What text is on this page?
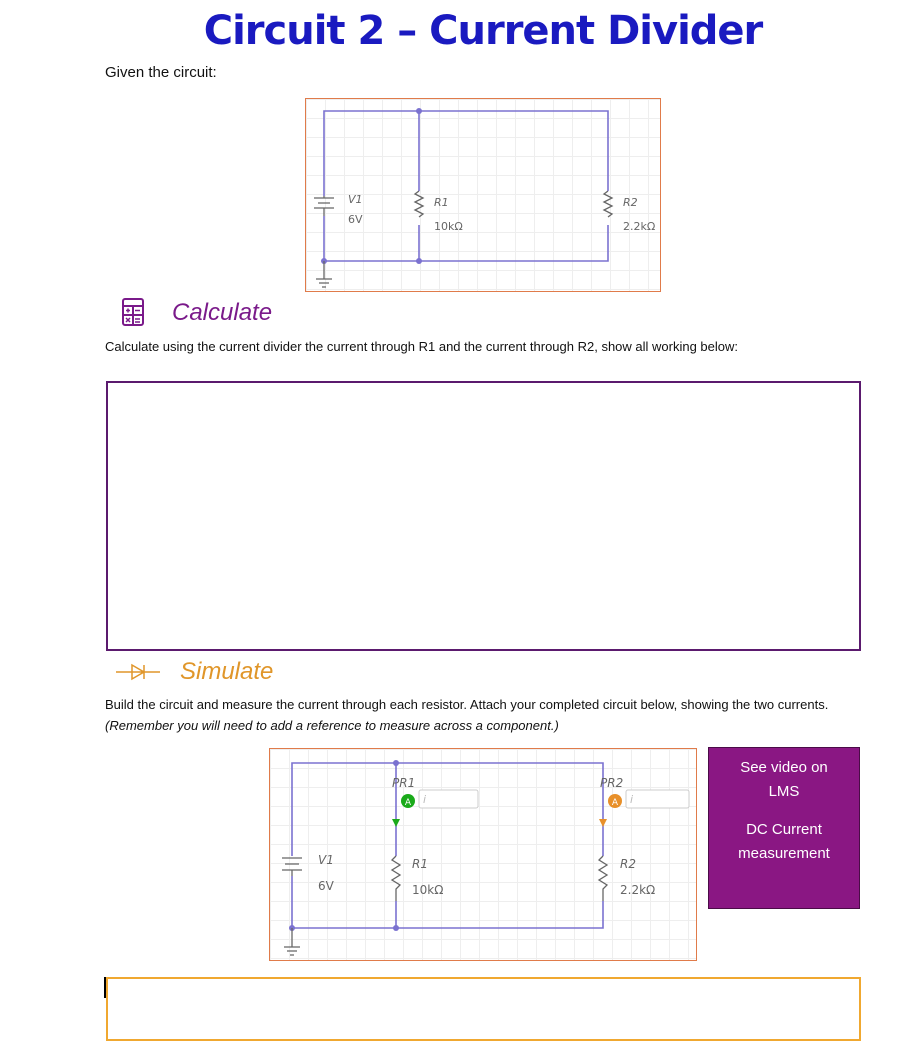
Circuit 2 – Current Divider
Given the circuit:
V1
6V
R1
10kΩ
R2
2.2kΩ
Calculate
Calculate using the current divider the current through R1 and the current through R2, show all working below:
Simulate
Build the circuit and measure the current through each resistor. Attach your completed circuit below, showing the two currents. (Remember you will need to add a reference to measure across a component.)
A i	A i
PR1	PR2
V1
6V
R1
10kΩ
R2
2.2kΩ
See video on
LMS
DC Current
measurement
